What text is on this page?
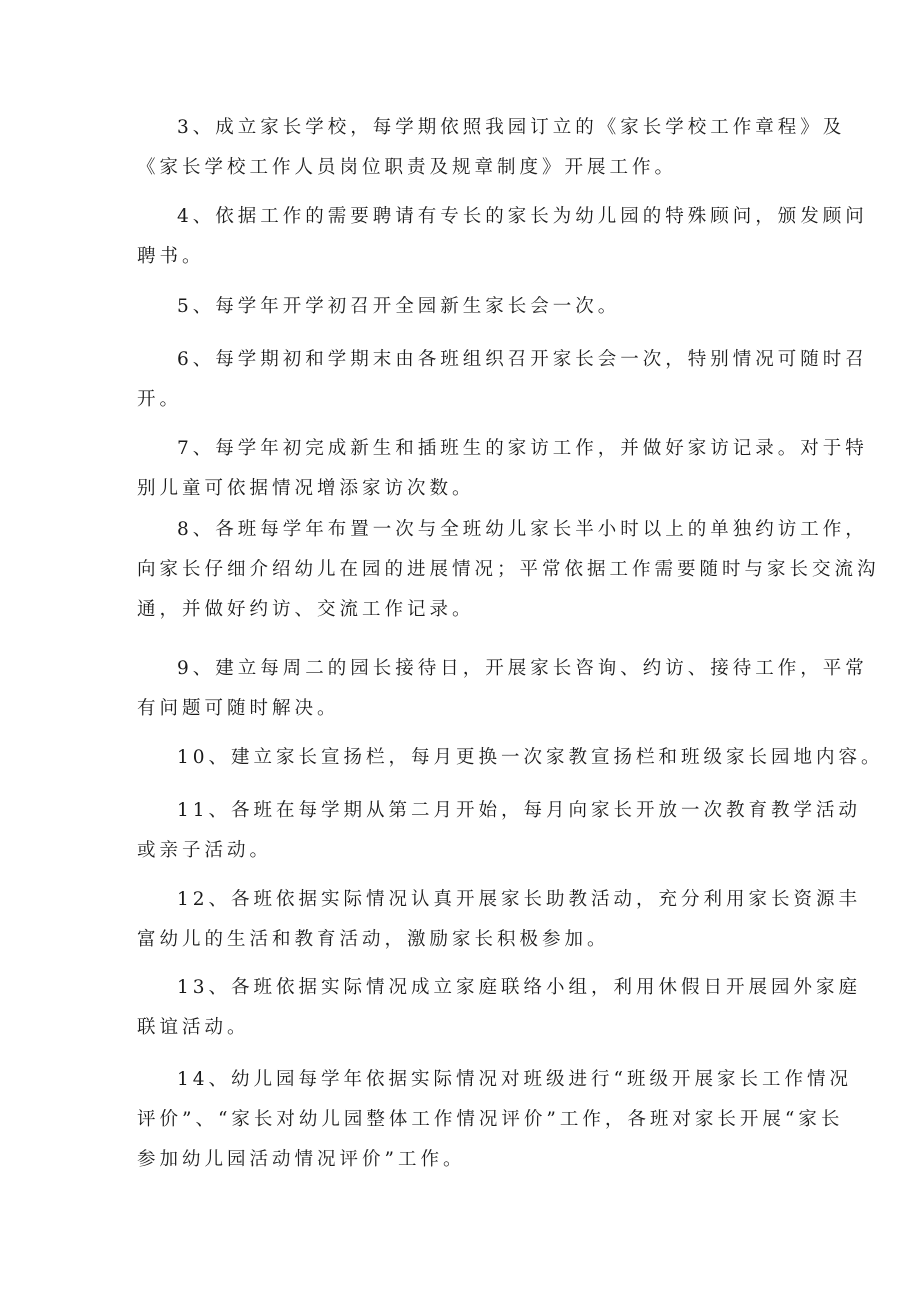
3、成立家长学校，每学期依照我园订立的《家长学校工作章程》及
《家长学校工作人员岗位职责及规章制度》开展工作。
4、依据工作的需要聘请有专长的家长为幼儿园的特殊顾问，颁发顾问
聘书。
5、每学年开学初召开全园新生家长会一次。
6、每学期初和学期末由各班组织召开家长会一次，特别情况可随时召
开。
7、每学年初完成新生和插班生的家访工作，并做好家访记录。对于特
别儿童可依据情况增添家访次数。
8、各班每学年布置一次与全班幼儿家长半小时以上的单独约访工作，
向家长仔细介绍幼儿在园的进展情况；平常依据工作需要随时与家长交流沟
通，并做好约访、交流工作记录。
9、建立每周二的园长接待日，开展家长咨询、约访、接待工作，平常
有问题可随时解决。
10、建立家长宣扬栏，每月更换一次家教宣扬栏和班级家长园地内容。
11、各班在每学期从第二月开始，每月向家长开放一次教育教学活动
或亲子活动。
12、各班依据实际情况认真开展家长助教活动，充分利用家长资源丰
富幼儿的生活和教育活动，激励家长积极参加。
13、各班依据实际情况成立家庭联络小组，利用休假日开展园外家庭
联谊活动。
14、幼儿园每学年依据实际情况对班级进行“班级开展家长工作情况
评价”、“家长对幼儿园整体工作情况评价”工作，各班对家长开展“家长
参加幼儿园活动情况评价”工作。
